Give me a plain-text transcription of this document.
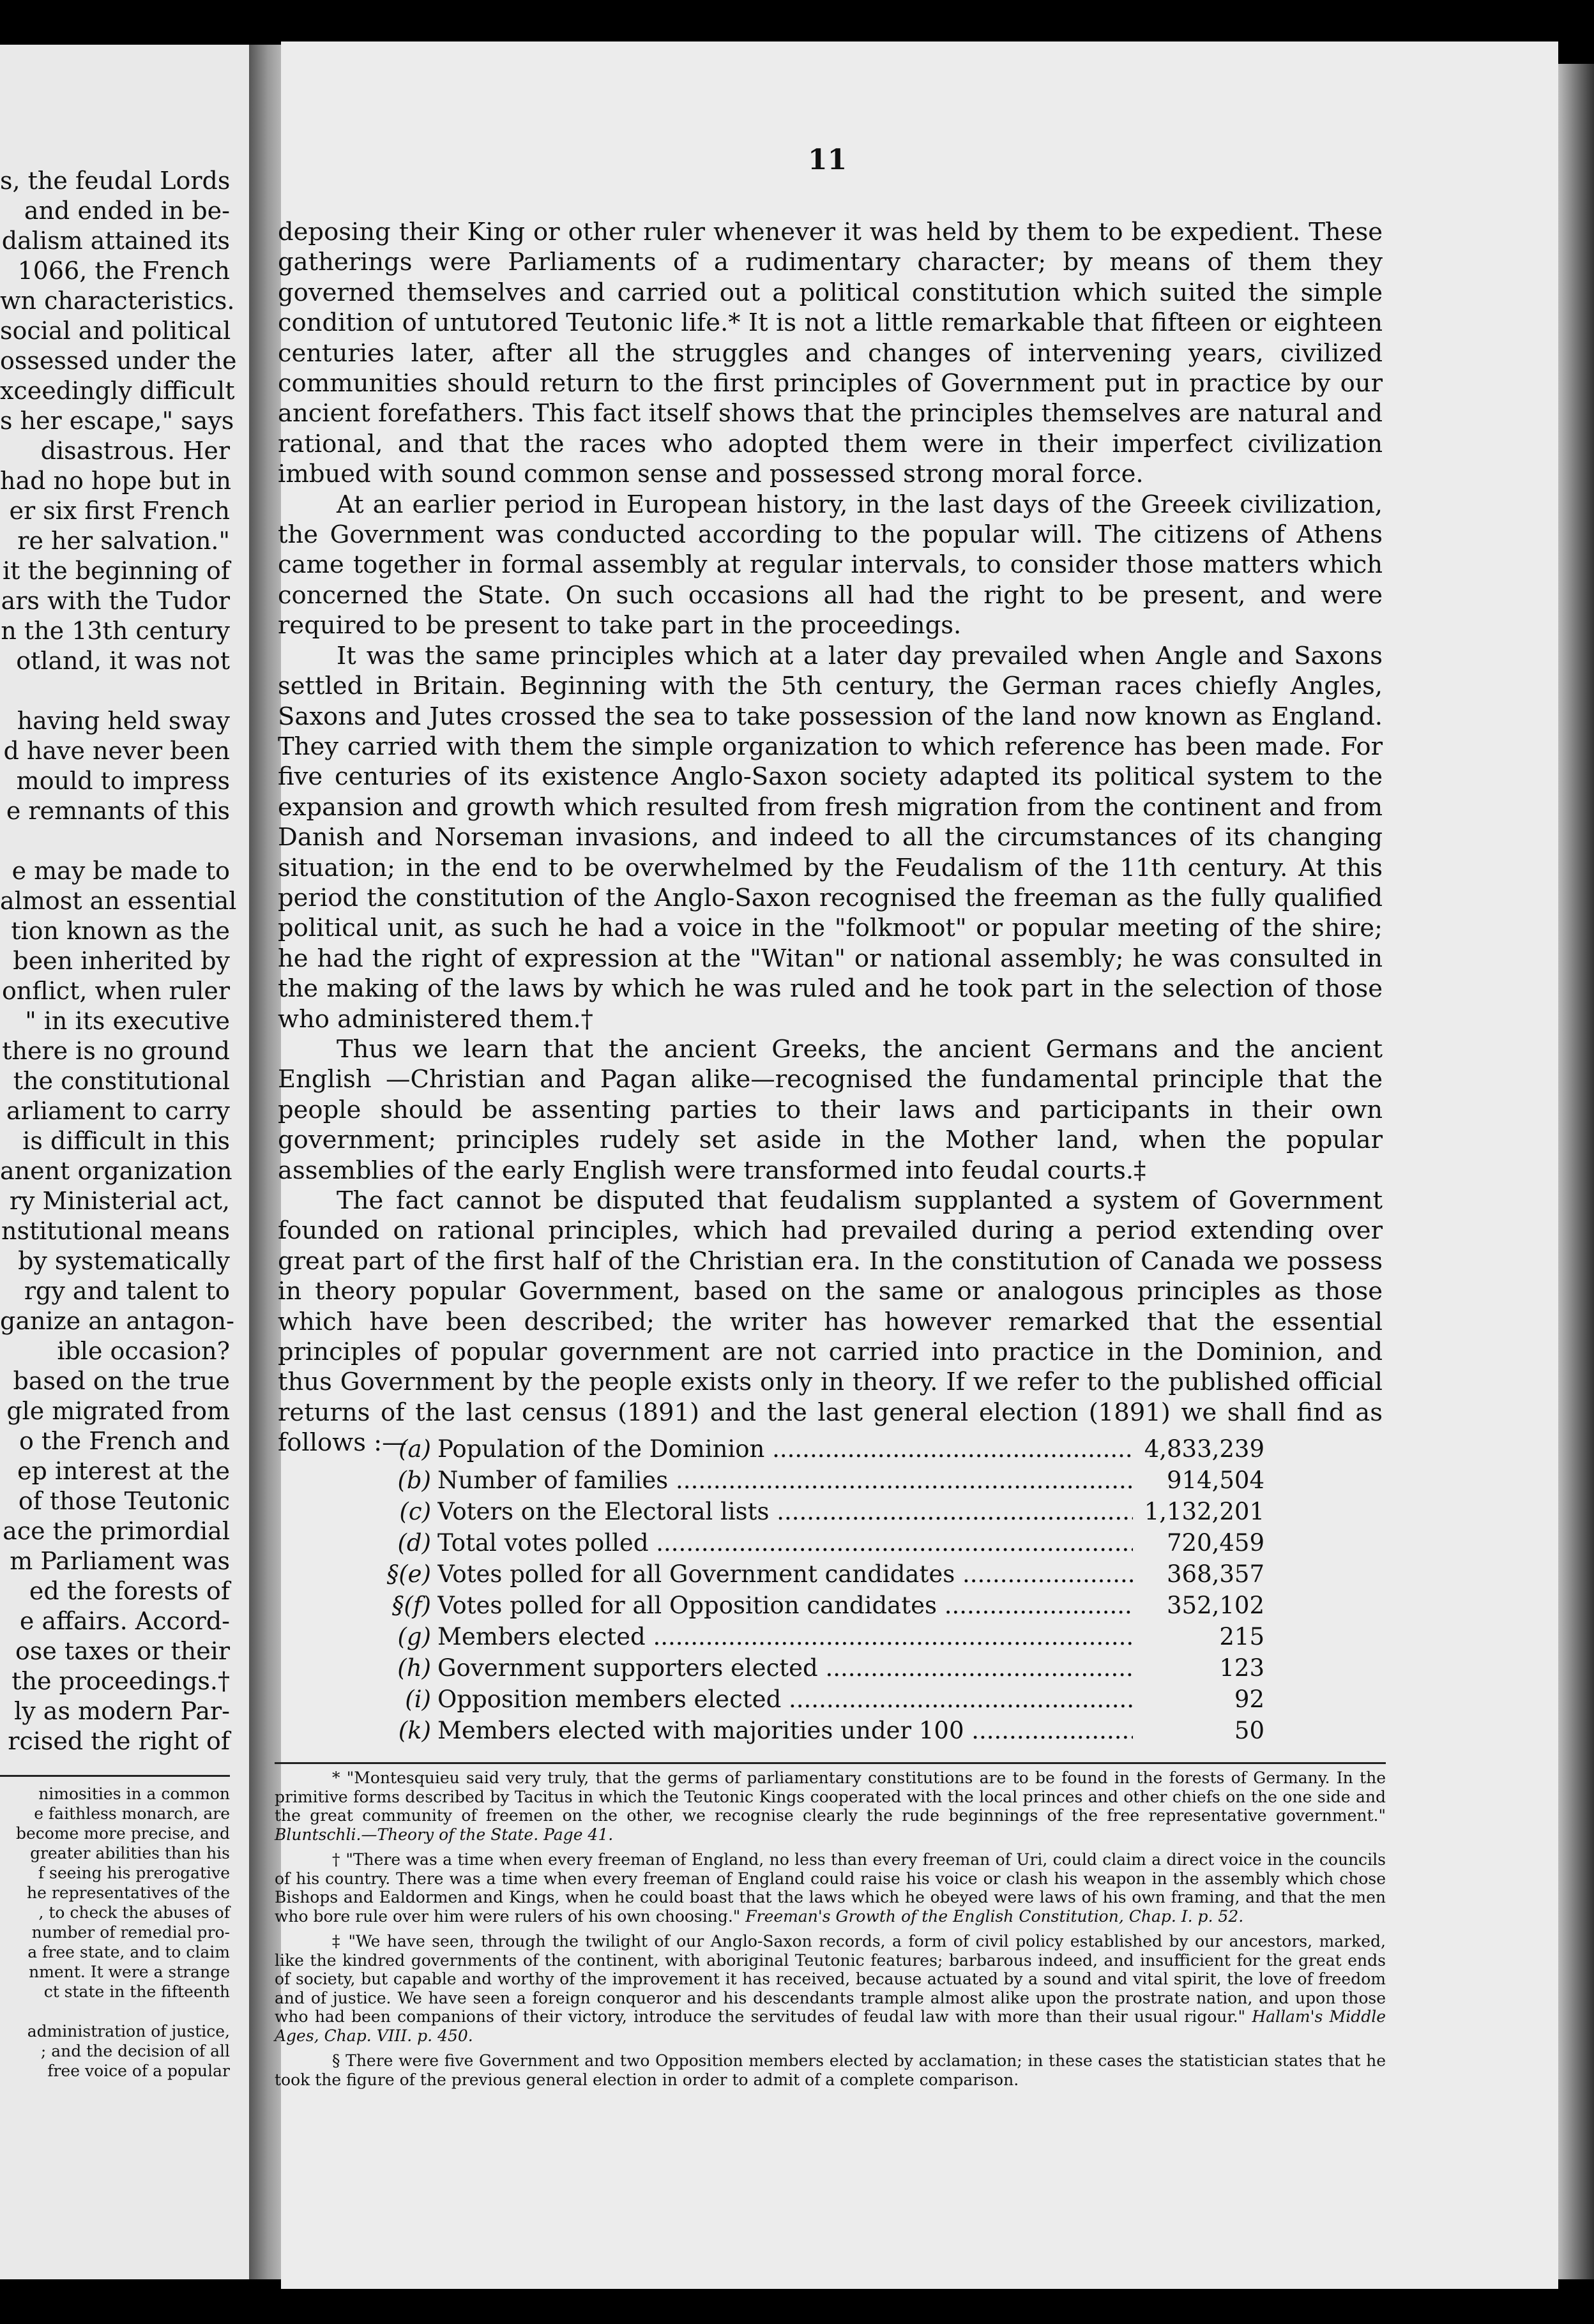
s, the feudal Lords
and ended in be-
dalism attained its
1066, the French
wn characteristics.
social and political
ossessed under the
xceedingly difficult
s her escape," says
disastrous. Her
had no hope but in
er six first French
re her salvation."
it the beginning of
ars with the Tudor
n the 13th century
otland, it was not
having held sway
d have never been
mould to impress
e remnants of this
e may be made to
almost an essential
tion known as the
been inherited by
onflict, when ruler
" in its executive
there is no ground
the constitutional
arliament to carry
is difficult in this
anent organization
ry Ministerial act,
nstitutional means
by systematically
rgy and talent to
ganize an antagon-
ible occasion?
based on the true
gle migrated from
o the French and
ep interest at the
of those Teutonic
ace the primordial
m Parliament was
ed the forests of
e affairs. Accord-
ose taxes or their
the proceedings.†
ly as modern Par-
rcised the right of
nimosities in a common
e faithless monarch, are
become more precise, and
greater abilities than his
f seeing his prerogative
he representatives of the
, to check the abuses of
number of remedial pro-
a free state, and to claim
nment. It were a strange
ct state in the fifteenth
administration of justice,
; and the decision of all
free voice of a popular
11

deposing their King or other ruler whenever it was held by them to be expedient. These gatherings were Parliaments of a rudimentary character; by means of them they governed themselves and carried out a political constitution which suited the simple condition of untutored Teutonic life.* It is not a little remarkable that fifteen or eighteen centuries later, after all the struggles and changes of intervening years, civilized communities should return to the first principles of Government put in practice by our ancient forefathers. This fact itself shows that the principles themselves are natural and rational, and that the races who adopted them were in their imperfect civilization imbued with sound common sense and possessed strong moral force.

At an earlier period in European history, in the last days of the Greeek civilization, the Government was conducted according to the popular will. The citizens of Athens came together in formal assembly at regular intervals, to consider those matters which concerned the State. On such occasions all had the right to be present, and were required to be present to take part in the proceedings.

It was the same principles which at a later day prevailed when Angle and Saxons settled in Britain. Beginning with the 5th century, the German races chiefly Angles, Saxons and Jutes crossed the sea to take possession of the land now known as England. They carried with them the simple organization to which reference has been made. For five centuries of its existence Anglo-Saxon society adapted its political system to the expansion and growth which resulted from fresh migration from the continent and from Danish and Norseman invasions, and indeed to all the circumstances of its changing situation; in the end to be overwhelmed by the Feudalism of the 11th century. At this period the constitution of the Anglo-Saxon recognised the freeman as the fully qualified political unit, as such he had a voice in the "folkmoot" or popular meeting of the shire; he had the right of expression at the "Witan" or national assembly; he was consulted in the making of the laws by which he was ruled and he took part in the selection of those who administered them.†

Thus we learn that the ancient Greeks, the ancient Germans and the ancient English —Christian and Pagan alike—recognised the fundamental principle that the people should be assenting parties to their laws and participants in their own government; principles rudely set aside in the Mother land, when the popular assemblies of the early English were transformed into feudal courts.‡

The fact cannot be disputed that feudalism supplanted a system of Government founded on rational principles, which had prevailed during a period extending over great part of the first half of the Christian era. In the constitution of Canada we possess in theory popular Government, based on the same or analogous principles as those which have been described; the writer has however remarked that the essential principles of popular government are not carried into practice in the Dominion, and thus Government by the people exists only in theory. If we refer to the published official returns of the last census (1891) and the last general election (1891) we shall find as follows :—

(a) Population of the Dominion .....	4,833,239
(b) Number of families .....	914,504
(c) Voters on the Electoral lists .....	1,132,201
(d) Total votes polled .....	720,459
§(e) Votes polled for all Government candidates .....	368,357
§(f) Votes polled for all Opposition candidates .....	352,102
(g) Members elected .....	215
(h) Government supporters elected .....	123
(i) Opposition members elected .....	92
(k) Members elected with majorities under 100 .....	50

* "Montesquieu said very truly, that the germs of parliamentary constitutions are to be found in the forests of Germany. In the primitive forms described by Tacitus in which the Teutonic Kings cooperated with the local princes and other chiefs on the one side and the great community of freemen on the other, we recognise clearly the rude beginnings of the free representative government." Bluntschli.—Theory of the State. Page 41.

† "There was a time when every freeman of England, no less than every freeman of Uri, could claim a direct voice in the councils of his country. There was a time when every freeman of England could raise his voice or clash his weapon in the assembly which chose Bishops and Ealdormen and Kings, when he could boast that the laws which he obeyed were laws of his own framing, and that the men who bore rule over him were rulers of his own choosing." Freeman's Growth of the English Constitution, Chap. I. p. 52.

‡ "We have seen, through the twilight of our Anglo-Saxon records, a form of civil policy established by our ancestors, marked, like the kindred governments of the continent, with aboriginal Teutonic features; barbarous indeed, and insufficient for the great ends of society, but capable and worthy of the improvement it has received, because actuated by a sound and vital spirit, the love of freedom and of justice. We have seen a foreign conqueror and his descendants trample almost alike upon the prostrate nation, and upon those who had been companions of their victory, introduce the servitudes of feudal law with more than their usual rigour." Hallam's Middle Ages, Chap. VIII. p. 450.

§ There were five Government and two Opposition members elected by acclamation; in these cases the statistician states that he took the figure of the previous general election in order to admit of a complete comparison.
